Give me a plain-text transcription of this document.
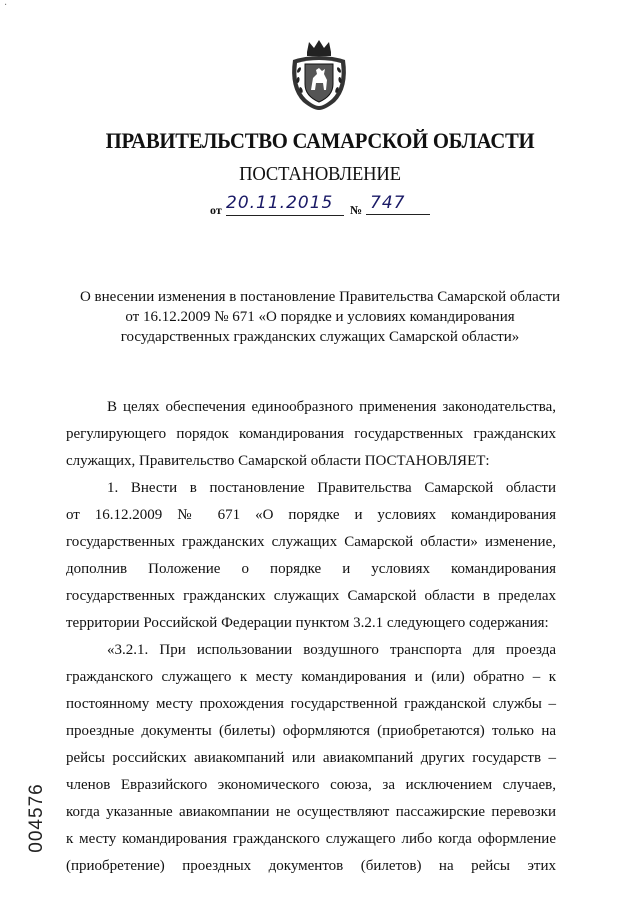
·
ПРАВИТЕЛЬСТВО САМАРСКОЙ ОБЛАСТИ
ПОСТАНОВЛЕНИЕ
от 20.11.2015	№ 747
О внесении изменения в постановление Правительства Самарской области
от 16.12.2009 № 671 «О порядке и условиях командирования
государственных гражданских служащих Самарской области»
В целях обеспечения единообразного применения законодательства,
регулирующего порядок командирования государственных гражданских
служащих, Правительство Самарской области ПОСТАНОВЛЯЕТ:
1. Внести в постановление Правительства Самарской области
от 16.12.2009 № 671 «О порядке и условиях командирования
государственных гражданских служащих Самарской области» изменение,
дополнив Положение о порядке и условиях командирования
государственных гражданских служащих Самарской области в пределах
территории Российской Федерации пунктом 3.2.1 следующего содержания:
«3.2.1. При использовании воздушного транспорта для проезда
гражданского служащего к месту командирования и (или) обратно – к
постоянному месту прохождения государственной гражданской службы –
проездные документы (билеты) оформляются (приобретаются) только на
рейсы российских авиакомпаний или авиакомпаний других государств –
членов Евразийского экономического союза, за исключением случаев,
когда указанные авиакомпании не осуществляют пассажирские перевозки
к месту командирования гражданского служащего либо когда оформление
(приобретение) проездных документов (билетов) на рейсы этих
004576
